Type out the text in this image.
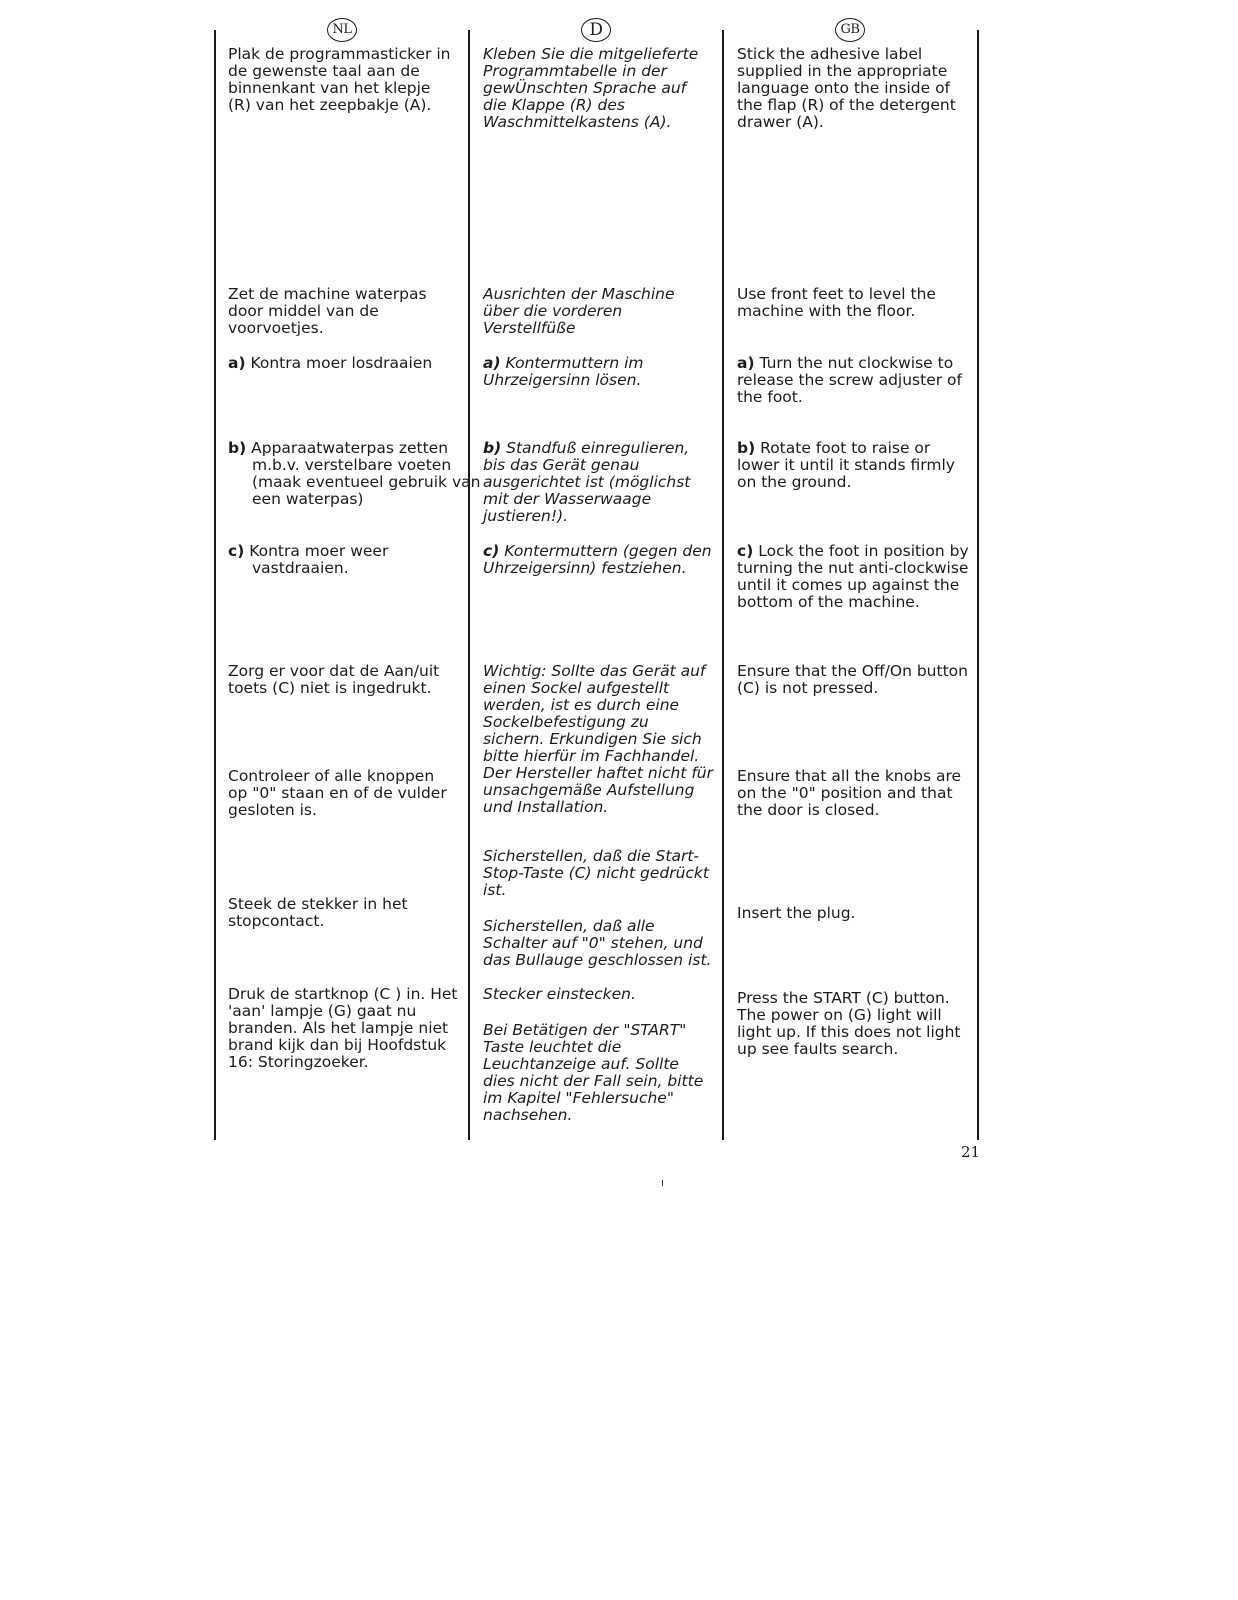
NL	D	GB

Plak de programmasticker in de gewenste taal aan de binnenkant van het klepje (R) van het zeepbakje (A).

Zet de machine waterpas door middel van de voorvoetjes.

a) Kontra moer losdraaien

b) Apparaatwaterpas zetten m.b.v. verstelbare voeten (maak eventueel gebruik van een waterpas)

c) Kontra moer weer vastdraaien.

Zorg er voor dat de Aan/uit toets (C) niet is ingedrukt.

Controleer of alle knoppen op "0" staan en of de vulder gesloten is.

Steek de stekker in het stopcontact.

Druk de startknop (C ) in. Het 'aan' lampje (G) gaat nu branden. Als het lampje niet brand kijk dan bij Hoofdstuk 16: Storingzoeker.

Kleben Sie die mitgelieferte Programmtabelle in der gewÜnschten Sprache auf die Klappe (R) des Waschmittelkastens (A).

Ausrichten der Maschine über die vorderen Verstellfüße

a) Kontermuttern im Uhrzeigersinn lösen.

b) Standfuß einregulieren, bis das Gerät genau ausgerichtet ist (möglichst mit der Wasserwaage justieren!).

c) Kontermuttern (gegen den Uhrzeigersinn) festziehen.

Wichtig: Sollte das Gerät auf einen Sockel aufgestellt werden, ist es durch eine Sockelbefestigung zu sichern. Erkundigen Sie sich bitte hierfür im Fachhandel. Der Hersteller haftet nicht für unsachgemäße Aufstellung und Installation.

Sicherstellen, daß die Start-Stop-Taste (C) nicht gedrückt ist.

Sicherstellen, daß alle Schalter auf "0" stehen, und das Bullauge geschlossen ist.

Stecker einstecken.

Bei Betätigen der "START" Taste leuchtet die Leuchtanzeige auf. Sollte dies nicht der Fall sein, bitte im Kapitel "Fehlersuche" nachsehen.

Stick the adhesive label supplied in the appropriate language onto the inside of the flap (R) of the detergent drawer (A).

Use front feet to level the machine with the floor.

a) Turn the nut clockwise to release the screw adjuster of the foot.

b) Rotate foot to raise or lower it until it stands firmly on the ground.

c) Lock the foot in position by turning the nut anti-clockwise until it comes up against the bottom of the machine.

Ensure that the Off/On button (C) is not pressed.

Ensure that all the knobs are on the "0" position and that the door is closed.

Insert the plug.

Press the START (C) button. The power on (G) light will light up. If this does not light up see faults search.

21
